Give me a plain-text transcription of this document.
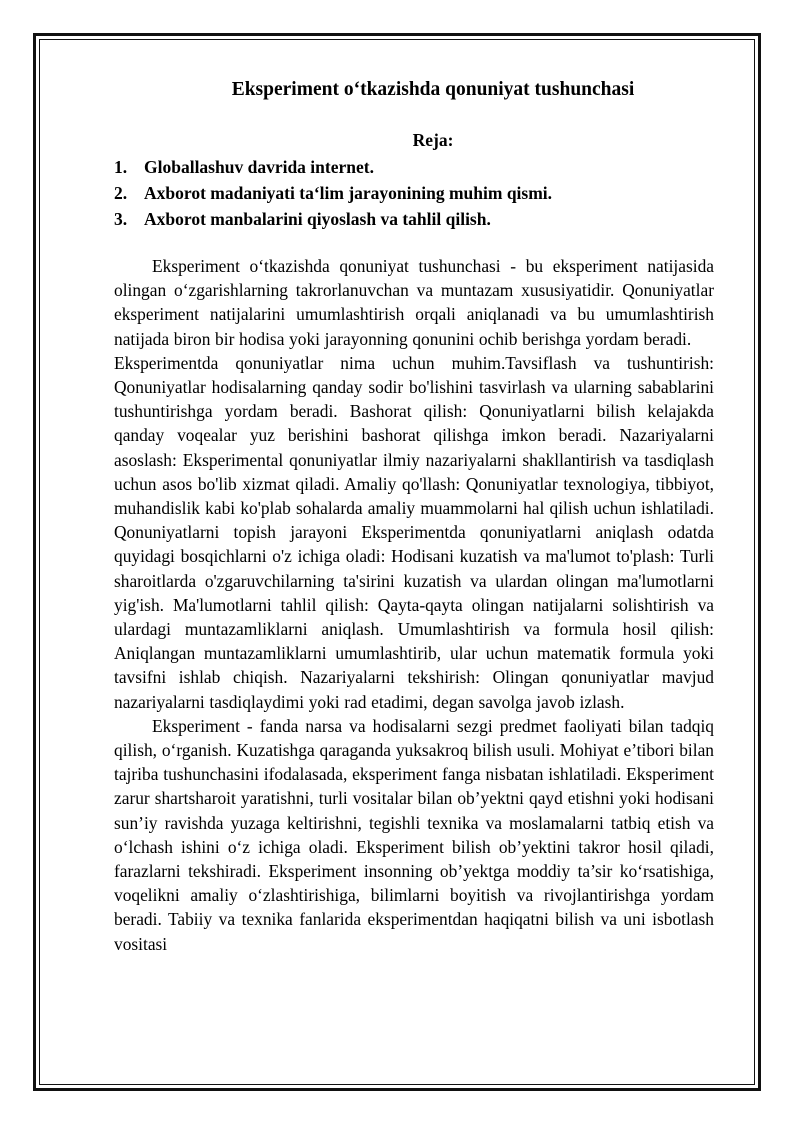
Eksperiment o‘tkazishda qonuniyat tushunchasi
Reja:
1. Globallashuv davrida internet.
2. Axborot madaniyati ta‘lim jarayonining muhim qismi.
3. Axborot manbalarini qiyoslash va tahlil qilish.

Eksperiment o‘tkazishda qonuniyat tushunchasi - bu eksperiment natijasida olingan o‘zgarishlarning takrorlanuvchan va muntazam xususiyatidir. Qonuniyatlar eksperiment natijalarini umumlashtirish orqali aniqlanadi va bu umumlashtirish natijada biron bir hodisa yoki jarayonning qonunini ochib berishga yordam beradi.

Eksperimentda qonuniyatlar nima uchun muhim.Tavsiflash va tushuntirish: Qonuniyatlar hodisalarning qanday sodir bo'lishini tasvirlash va ularning sabablarini tushuntirishga yordam beradi. Bashorat qilish: Qonuniyatlarni bilish kelajakda qanday voqealar yuz berishini bashorat qilishga imkon beradi. Nazariyalarni asoslash: Eksperimental qonuniyatlar ilmiy nazariyalarni shakllantirish va tasdiqlash uchun asos bo'lib xizmat qiladi. Amaliy qo'llash: Qonuniyatlar texnologiya, tibbiyot, muhandislik kabi ko'plab sohalarda amaliy muammolarni hal qilish uchun ishlatiladi. Qonuniyatlarni topish jarayoni Eksperimentda qonuniyatlarni aniqlash odatda quyidagi bosqichlarni o'z ichiga oladi: Hodisani kuzatish va ma'lumot to'plash: Turli sharoitlarda o'zgaruvchilarning ta'sirini kuzatish va ulardan olingan ma'lumotlarni yig'ish. Ma'lumotlarni tahlil qilish: Qayta-qayta olingan natijalarni solishtirish va ulardagi muntazamliklarni aniqlash. Umumlashtirish va formula hosil qilish: Aniqlangan muntazamliklarni umumlashtirib, ular uchun matematik formula yoki tavsifni ishlab chiqish. Nazariyalarni tekshirish: Olingan qonuniyatlar mavjud nazariyalarni tasdiqlaydimi yoki rad etadimi, degan savolga javob izlash.

Eksperiment - fanda narsa va hodisalarni sezgi predmet faoliyati bilan tadqiq qilish, o‘rganish. Kuzatishga qaraganda yuksakroq bilish usuli. Mohiyat e’tibori bilan tajriba tushunchasini ifodalasada, eksperiment fanga nisbatan ishlatiladi. Eksperiment zarur shartsharoit yaratishni, turli vositalar bilan ob’yektni qayd etishni yoki hodisani sun’iy ravishda yuzaga keltirishni, tegishli texnika va moslamalarni tatbiq etish va o‘lchash ishini o‘z ichiga oladi. Eksperiment bilish ob’yektini takror hosil qiladi, farazlarni tekshiradi. Eksperiment insonning ob’yektga moddiy ta’sir ko‘rsatishiga, voqelikni amaliy o‘zlashtirishiga, bilimlarni boyitish va rivojlantirishga yordam beradi. Tabiiy va texnika fanlarida eksperimentdan haqiqatni bilish va uni isbotlash vositasi
